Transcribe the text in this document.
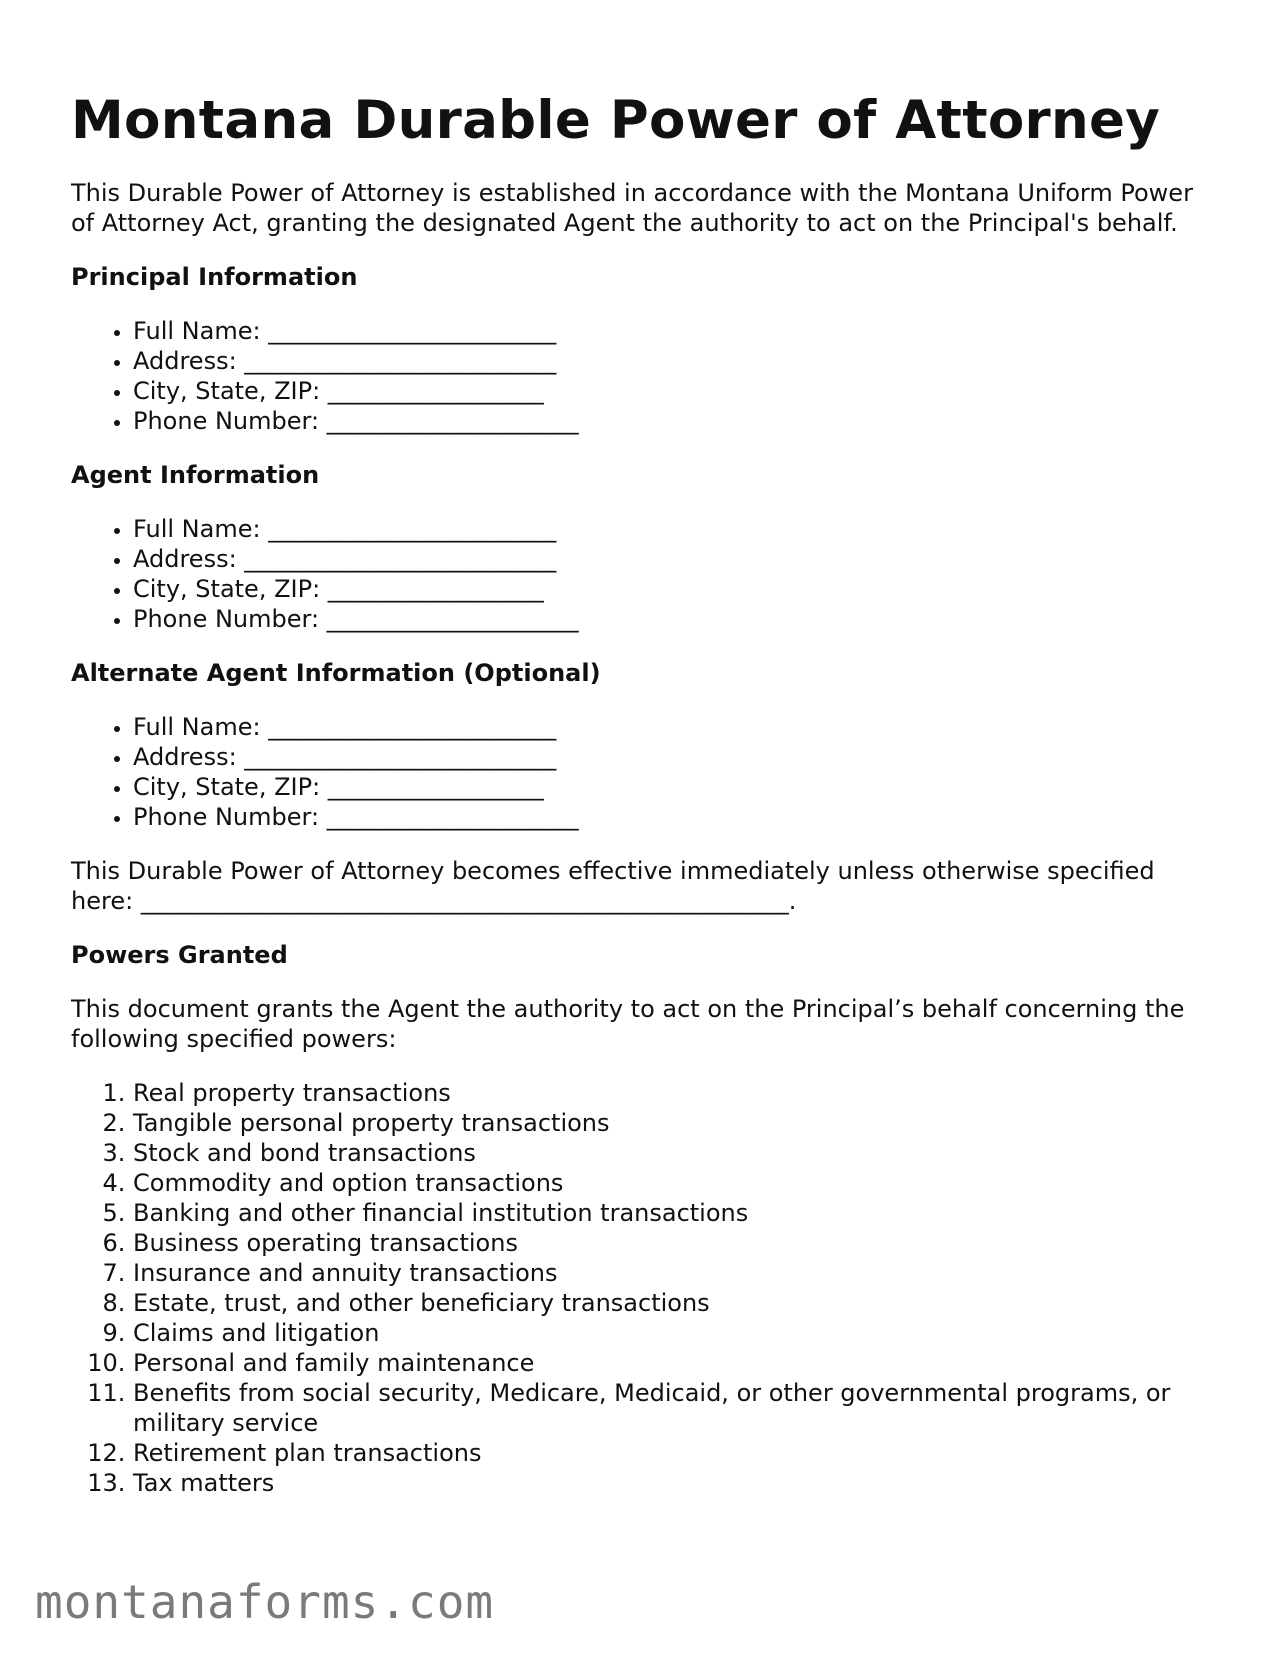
Montana Durable Power of Attorney

This Durable Power of Attorney is established in accordance with the Montana Uniform Power of Attorney Act, granting the designated Agent the authority to act on the Principal's behalf.

Principal Information
• Full Name: ________________________
• Address: __________________________
• City, State, ZIP: __________________
• Phone Number: _____________________
Agent Information
• Full Name: ________________________
• Address: __________________________
• City, State, ZIP: __________________
• Phone Number: _____________________
Alternate Agent Information (Optional)
• Full Name: ________________________
• Address: __________________________
• City, State, ZIP: __________________
• Phone Number: _____________________

This Durable Power of Attorney becomes effective immediately unless otherwise specified here: ______________________________________________________.

Powers Granted

This document grants the Agent the authority to act on the Principal’s behalf concerning the following specified powers:

1. Real property transactions
2. Tangible personal property transactions
3. Stock and bond transactions
4. Commodity and option transactions
5. Banking and other financial institution transactions
6. Business operating transactions
7. Insurance and annuity transactions
8. Estate, trust, and other beneficiary transactions
9. Claims and litigation
10. Personal and family maintenance
11. Benefits from social security, Medicare, Medicaid, or other governmental programs, or military service
12. Retirement plan transactions
13. Tax matters
montanaforms.com
